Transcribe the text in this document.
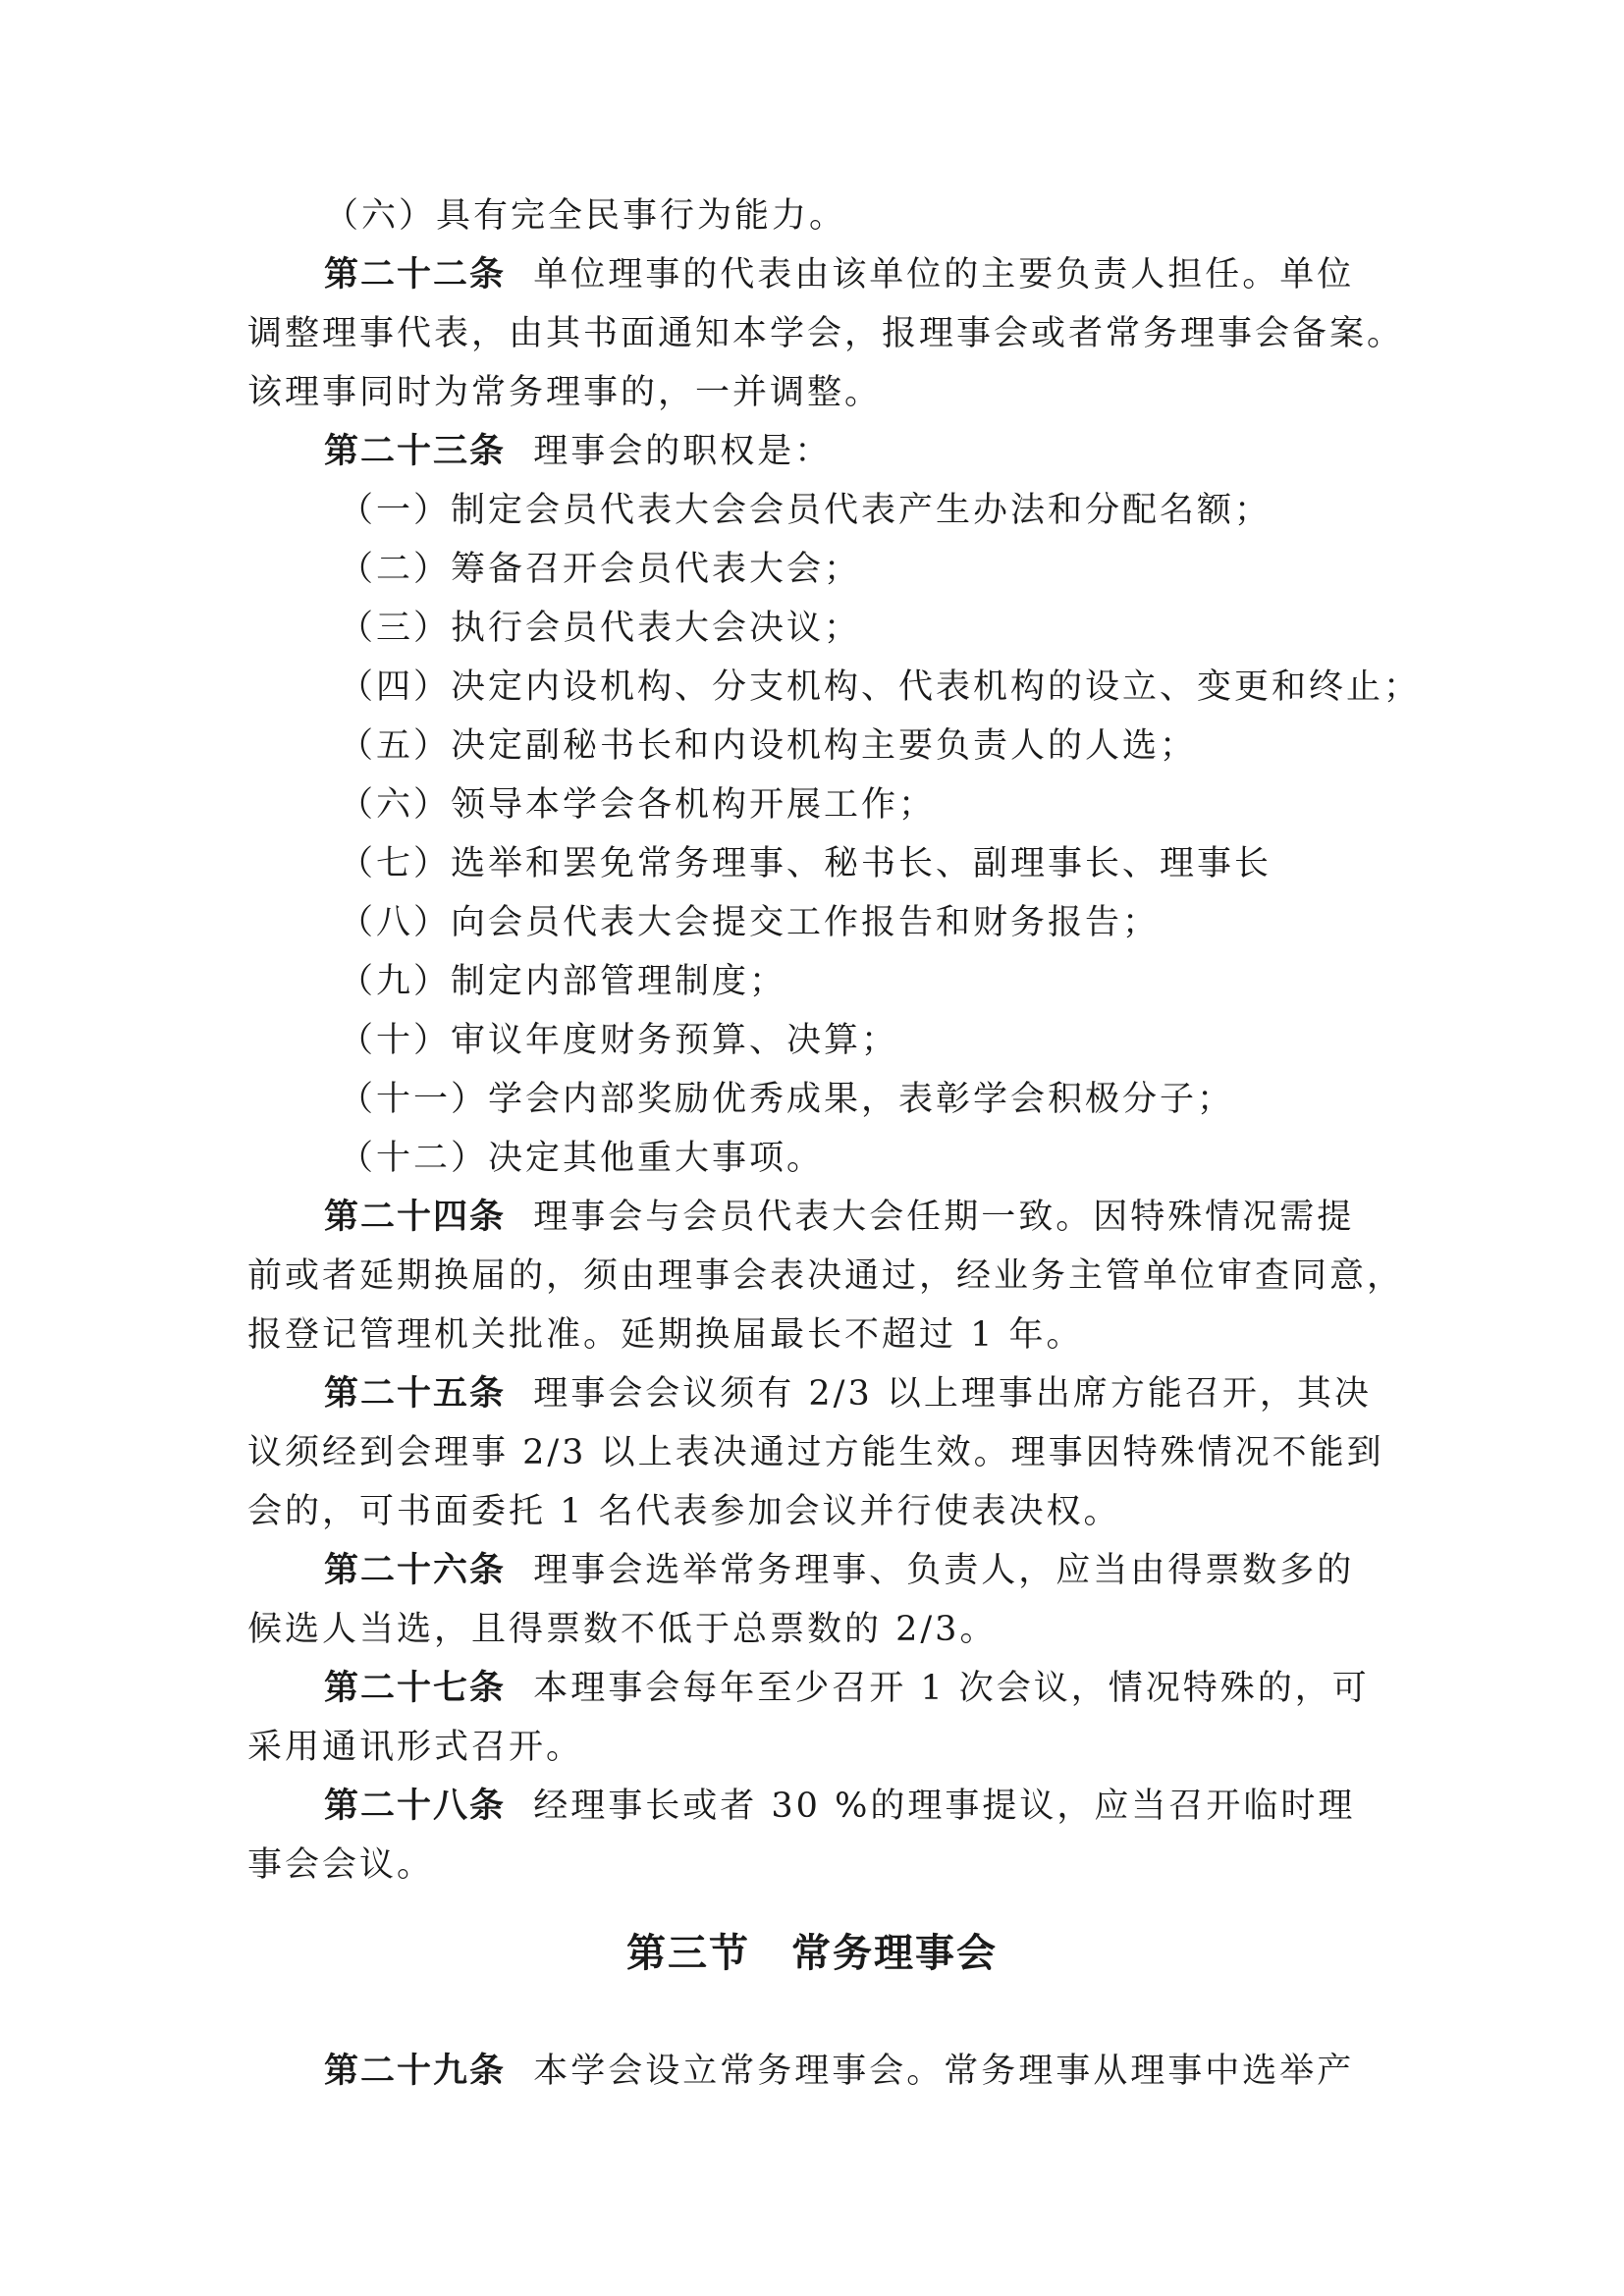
（六）具有完全民事行为能力。
第二十二条 单位理事的代表由该单位的主要负责人担任。单位
调整理事代表，由其书面通知本学会，报理事会或者常务理事会备案。
该理事同时为常务理事的，一并调整。
第二十三条 理事会的职权是：
（一）制定会员代表大会会员代表产生办法和分配名额；
（二）筹备召开会员代表大会；
（三）执行会员代表大会决议；
（四）决定内设机构、分支机构、代表机构的设立、变更和终止；
（五）决定副秘书长和内设机构主要负责人的人选；
（六）领导本学会各机构开展工作；
（七）选举和罢免常务理事、秘书长、副理事长、理事长
（八）向会员代表大会提交工作报告和财务报告；
（九）制定内部管理制度；
（十）审议年度财务预算、决算；
（十一）学会内部奖励优秀成果，表彰学会积极分子；
（十二）决定其他重大事项。
第二十四条 理事会与会员代表大会任期一致。因特殊情况需提
前或者延期换届的，须由理事会表决通过，经业务主管单位审查同意，
报登记管理机关批准。延期换届最长不超过 1 年。
第二十五条 理事会会议须有 2/3 以上理事出席方能召开，其决
议须经到会理事 2/3 以上表决通过方能生效。理事因特殊情况不能到
会的，可书面委托 1 名代表参加会议并行使表决权。
第二十六条 理事会选举常务理事、负责人，应当由得票数多的
候选人当选，且得票数不低于总票数的 2/3。
第二十七条 本理事会每年至少召开 1 次会议，情况特殊的，可
采用通讯形式召开。
第二十八条 经理事长或者 30 %的理事提议，应当召开临时理
事会会议。
第三节　常务理事会
第二十九条 本学会设立常务理事会。常务理事从理事中选举产
